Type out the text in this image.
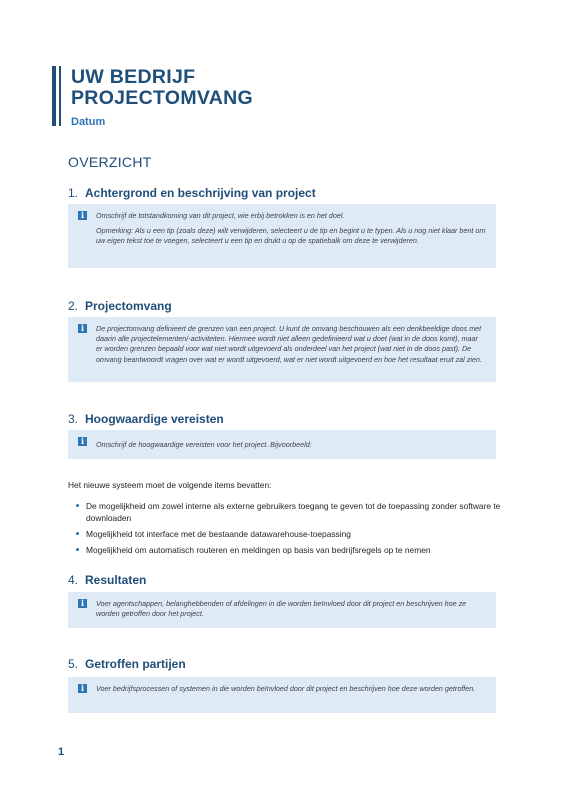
UW BEDRIJF
PROJECTOMVANG
Datum
OVERZICHT
1. Achtergrond en beschrijving van project
i	Omschrijf de totstandkoming van dit project, wie erbij betrokken is en het doel.

Opmerking: Als u een tip (zoals deze) wilt verwijderen, selecteert u de tip en begint u te typen. Als u nog niet klaar bent om uw eigen tekst toe te voegen, selecteert u een tip en drukt u op de spatiebalk om deze te verwijderen.

2. Projectomvang
i	De projectomvang definieert de grenzen van een project. U kunt de omvang beschouwen als een denkbeeldige doos met daarin alle projectelementen/-activiteiten. Hiermee wordt niet alleen gedefinieerd wat u doet (wat in de doos komt), maar er worden grenzen bepaald voor wat niet wordt uitgevoerd als onderdeel van het project (wat niet in de doos past). De omvang beantwoordt vragen over wat er wordt uitgevoerd, wat er niet wordt uitgevoerd en hoe het resultaat eruit zal zien.

3. Hoogwaardige vereisten
i	Omschrijf de hoogwaardige vereisten voor het project. Bijvoorbeeld:

Het nieuwe systeem moet de volgende items bevatten:
De mogelijkheid om zowel interne als externe gebruikers toegang te geven tot de toepassing zonder software te downloaden
Mogelijkheid tot interface met de bestaande datawarehouse-toepassing
Mogelijkheid om automatisch routeren en meldingen op basis van bedrijfsregels op te nemen
4. Resultaten
i	Voer agentschappen, belanghebbenden of afdelingen in die worden beïnvloed door dit project en beschrijven hoe ze worden getroffen door het project.

5. Getroffen partijen
i	Voer bedrijfsprocessen of systemen in die worden beïnvloed door dit project en beschrijven hoe deze worden getroffen.

1
